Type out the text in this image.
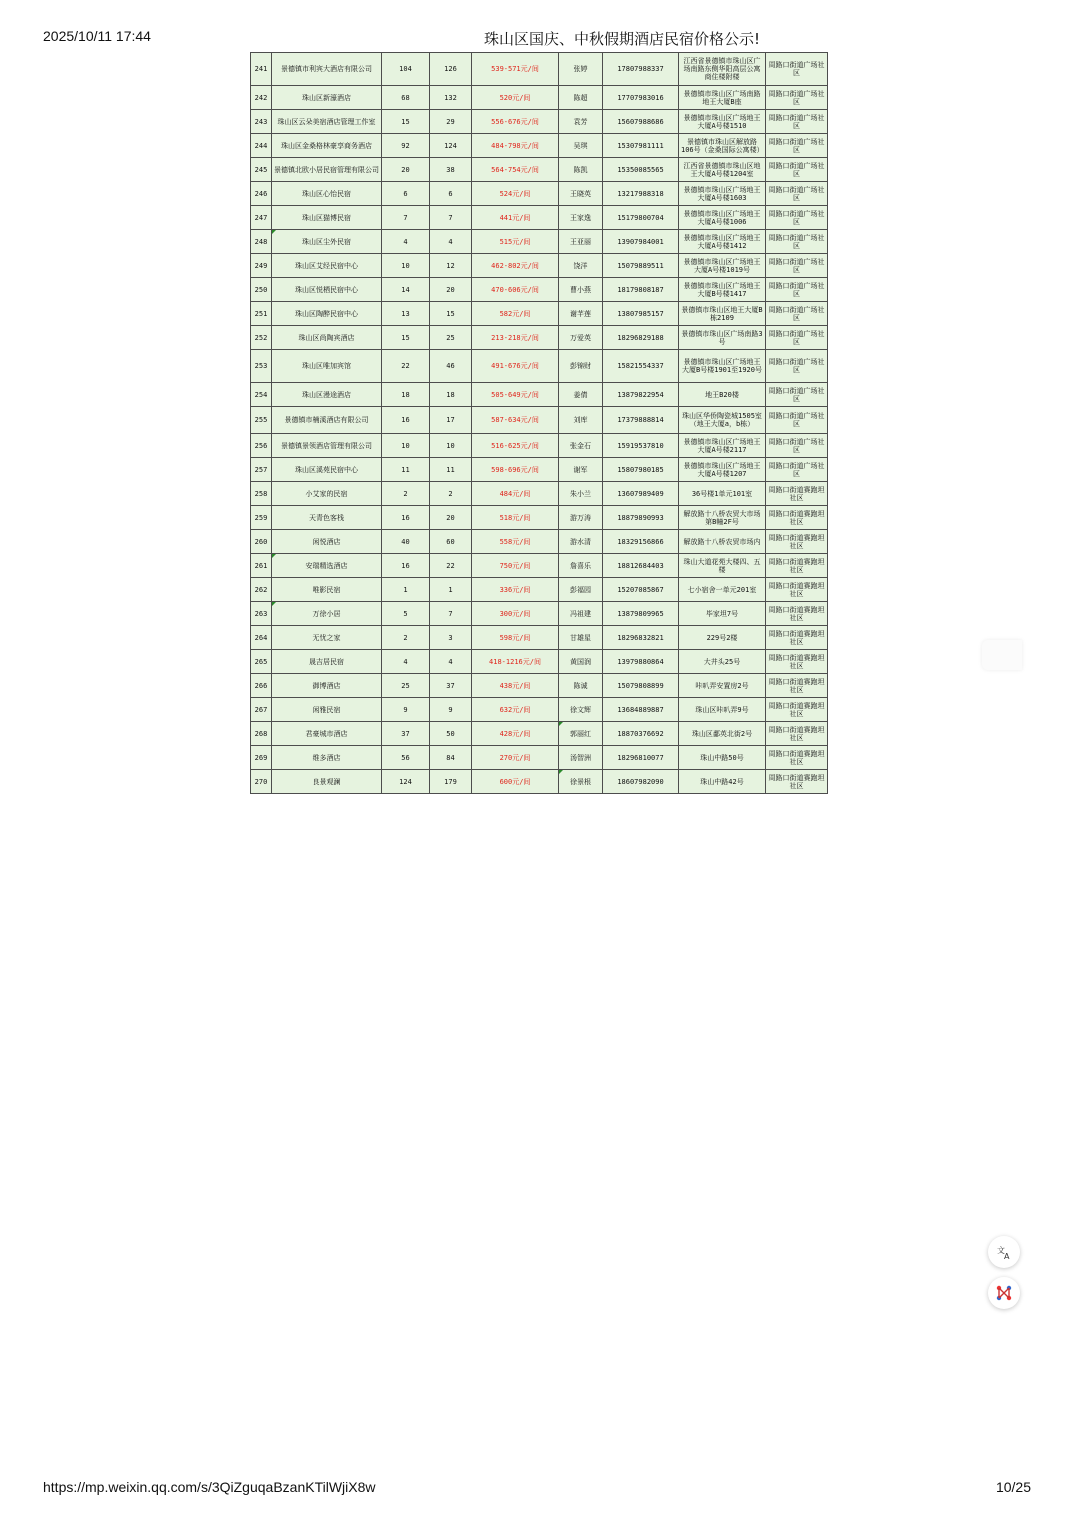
2025/10/11 17:44	珠山区国庆、中秋假期酒店民宿价格公示!
241	景德镇市利宾大酒店有限公司	104	126	539-571元/间	张婷	17807988337	江西省景德镇市珠山区广场南路东侧华阳高层公寓商住楼附楼	周路口街道广场社区
242	珠山区新濠酒店	68	132	520元/间	陈超	17707983016	景德镇市珠山区广场南路地王大厦B座	周路口街道广场社区
243	珠山区云朵美宿酒店管理工作室	15	29	556-676元/间	袁芳	15607988686	景德镇市珠山区广场地王大厦A号楼1510	周路口街道广场社区
244	珠山区金桑格林豪享商务酒店	92	124	484-798元/间	吴琪	15307981111	景德镇市珠山区解放路106号（金桑国际公寓楼）	周路口街道广场社区
245	景德镇北欧小居民宿管理有限公司	20	38	564-754元/间	陈凯	15350085565	江西省景德镇市珠山区地王大厦A号楼1204室	周路口街道广场社区
246	珠山区心怡民宿	6	6	524元/间	王晓英	13217988318	景德镇市珠山区广场地王大厦A号楼1603	周路口街道广场社区
247	珠山区猫博民宿	7	7	441元/间	王家逸	15179800704	景德镇市珠山区广场地王大厦A号楼1006	周路口街道广场社区
248	珠山区尘外民宿	4	4	515元/间	王亚丽	13907984001	景德镇市珠山区广场地王大厦A号楼1412	周路口街道广场社区
249	珠山区艾经民宿中心	10	12	462-802元/间	饶洋	15079889511	景德镇市珠山区广场地王大厦A号楼1019号	周路口街道广场社区
250	珠山区悦栖民宿中心	14	20	470-606元/间	曹小燕	18179808187	景德镇市珠山区广场地王大厦B号楼1417	周路口街道广场社区
251	珠山区陶醉民宿中心	13	15	582元/间	谢芊莲	13807985157	景德镇市珠山区地王大厦B栋2109	周路口街道广场社区
252	珠山区尚陶宾酒店	15	25	213-218元/间	万爱英	18296829188	景德镇市珠山区广场南路3号	周路口街道广场社区
253	珠山区唯加宾馆	22	46	491-676元/间	彭锦财	15821554337	景德镇市珠山区广场地王大厦B号楼1901至1920号	周路口街道广场社区
254	珠山区漫途酒店	18	18	505-649元/间	姜倩	13879822954	地王B20楼	周路口街道广场社区
255	景德镇市楠溪酒店有限公司	16	17	587-634元/间	刘库	17379888814	珠山区华侨陶瓷城1505室（地王大厦a，b栋）	周路口街道广场社区
256	景德镇景领酒店管理有限公司	10	10	516-625元/间	张金石	15919537810	景德镇市珠山区广场地王大厦A号楼2117	周路口街道广场社区
257	珠山区溪苑民宿中心	11	11	598-696元/间	谢军	15807980185	景德镇市珠山区广场地王大厦A号楼1207	周路口街道广场社区
258	小艾家的民宿	2	2	484元/间	朱小兰	13607989409	36号楼1单元101室	周路口街道赛跑坦社区
259	天青色客栈	16	20	518元/间	游万涛	18879890993	解放路十八桥农贸大市场第B幢2F号	周路口街道赛跑坦社区
260	闲悦酒店	40	60	558元/间	游水清	18329156866	解放路十八桥农贸市场内	周路口街道赛跑坦社区
261	安瑞精选酒店	16	22	750元/间	詹喜乐	18812684403	珠山大道花苑大楼四、五楼	周路口街道赛跑坦社区
262	唯影民宿	1	1	336元/间	彭福园	15207085867	七小宿舍一单元201室	周路口街道赛跑坦社区
263	万徐小居	5	7	300元/间	冯祖建	13879809965	毕家坦7号	周路口街道赛跑坦社区
264	无忧之家	2	3	598元/间	甘雄星	18296832821	229号2楼	周路口街道赛跑坦社区
265	晟吉居民宿	4	4	418-1216元/间	黄国润	13979880864	大井头25号	周路口街道赛跑坦社区
266	御博酒店	25	37	438元/间	陈诚	15079808899	咔叭弄安置房2号	周路口街道赛跑坦社区
267	闲雅民宿	9	9	632元/间	徐文辉	13684889887	珠山区咔叭弄9号	周路口街道赛跑坦社区
268	君豪城市酒店	37	50	428元/间	郭丽红	18870376692	珠山区鄱英北街2号	周路口街道赛跑坦社区
269	维多酒店	56	84	270元/间	汤智洲	18296810077	珠山中路50号	周路口街道赛跑坦社区
270	良景观澜	124	179	600元/间	徐景根	18607982090	珠山中路42号	周路口街道赛跑坦社区
文
A
https://mp.weixin.qq.com/s/3QiZguqaBzanKTilWjiX8w	10/25
